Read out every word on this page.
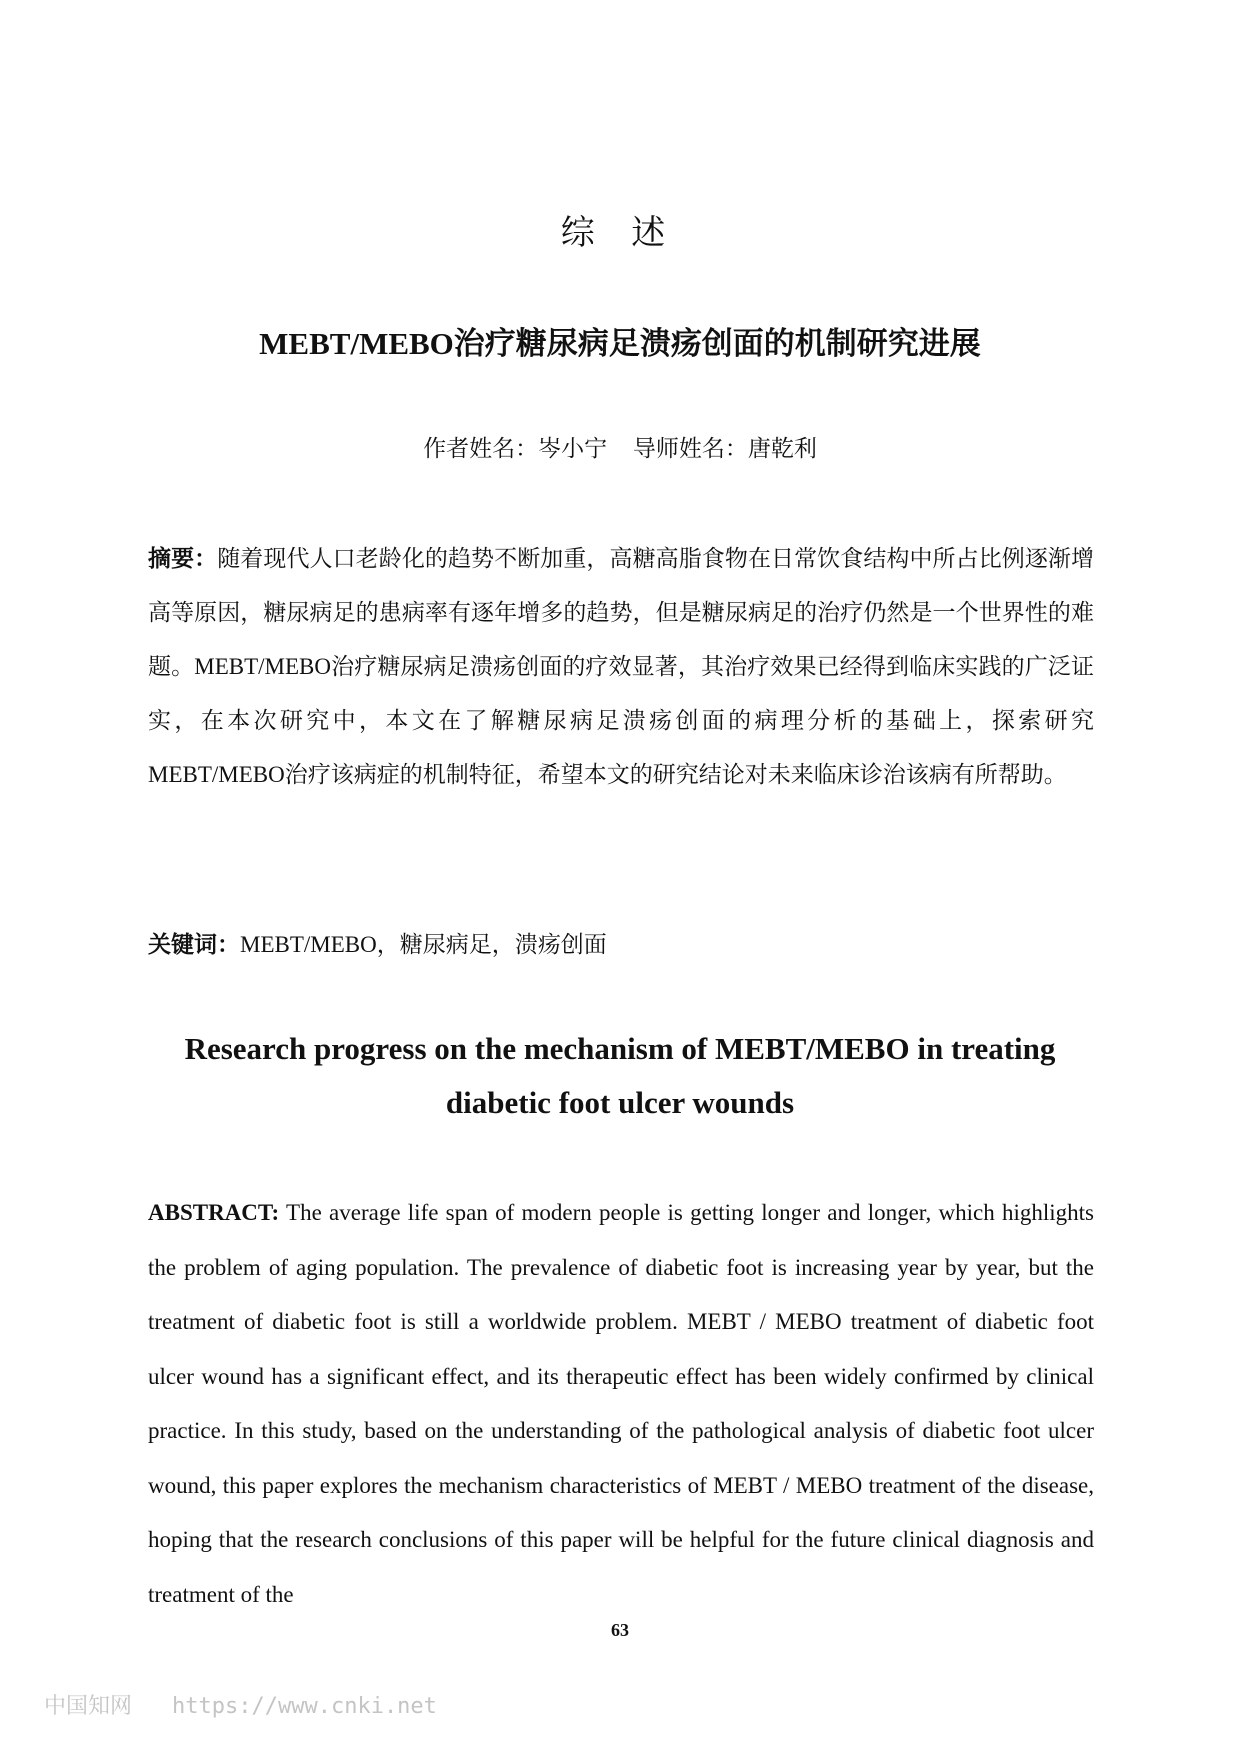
综 述
MEBT/MEBO治疗糖尿病足溃疡创面的机制研究进展
作者姓名：岑小宁 导师姓名：唐乾利

摘要：随着现代人口老龄化的趋势不断加重，高糖高脂食物在日常饮食结构中所占比例逐渐增高等原因，糖尿病足的患病率有逐年增多的趋势，但是糖尿病足的治疗仍然是一个世界性的难题。MEBT/MEBO治疗糖尿病足溃疡创面的疗效显著，其治疗效果已经得到临床实践的广泛证实，在本次研究中，本文在了解糖尿病足溃疡创面的病理分析的基础上，探索研究MEBT/MEBO治疗该病症的机制特征，希望本文的研究结论对未来临床诊治该病有所帮助。

关键词：MEBT/MEBO，糖尿病足，溃疡创面

Research progress on the mechanism of MEBT/MEBO in treating diabetic foot ulcer wounds

ABSTRACT: The average life span of modern people is getting longer and longer, which highlights the problem of aging population. The prevalence of diabetic foot is increasing year by year, but the treatment of diabetic foot is still a worldwide problem. MEBT / MEBO treatment of diabetic foot ulcer wound has a significant effect, and its therapeutic effect has been widely confirmed by clinical practice. In this study, based on the understanding of the pathological analysis of diabetic foot ulcer wound, this paper explores the mechanism characteristics of MEBT / MEBO treatment of the disease, hoping that the research conclusions of this paper will be helpful for the future clinical diagnosis and treatment of the

63
中国知网 https://www.cnki.net
